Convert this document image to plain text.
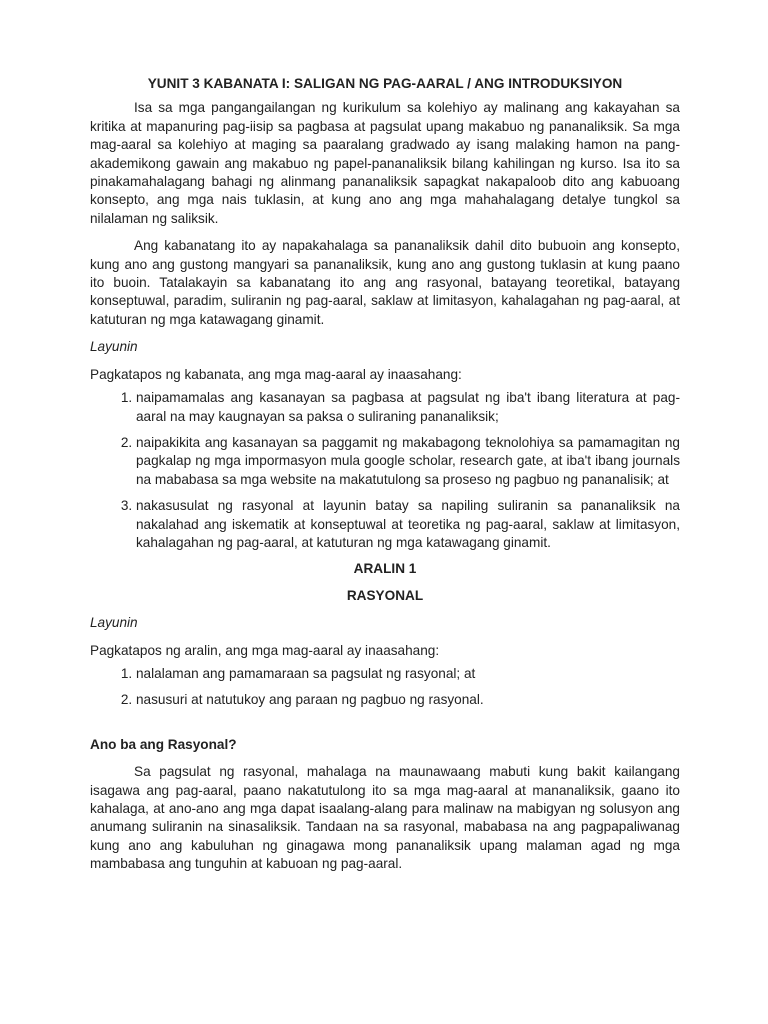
YUNIT 3 KABANATA I: SALIGAN NG PAG-AARAL / ANG INTRODUKSIYON

Isa sa mga pangangailangan ng kurikulum sa kolehiyo ay malinang ang kakayahan sa kritika at mapanuring pag-iisip sa pagbasa at pagsulat upang makabuo ng pananaliksik. Sa mga mag-aaral sa kolehiyo at maging sa paaralang gradwado ay isang malaking hamon na pang-akademikong gawain ang makabuo ng papel-pananaliksik bilang kahilingan ng kurso. Isa ito sa pinakamahalagang bahagi ng alinmang pananaliksik sapagkat nakapaloob dito ang kabuoang konsepto, ang mga nais tuklasin, at kung ano ang mga mahahalagang detalye tungkol sa nilalaman ng saliksik.

Ang kabanatang ito ay napakahalaga sa pananaliksik dahil dito bubuoin ang konsepto, kung ano ang gustong mangyari sa pananaliksik, kung ano ang gustong tuklasin at kung paano ito buoin. Tatalakayin sa kabanatang ito ang ang rasyonal, batayang teoretikal, batayang konseptuwal, paradim, suliranin ng pag-aaral, saklaw at limitasyon, kahalagahan ng pag-aaral, at katuturan ng mga katawagang ginamit.

Layunin

Pagkatapos ng kabanata, ang mga mag-aaral ay inaasahang:

1. naipamamalas ang kasanayan sa pagbasa at pagsulat ng iba't ibang literatura at pag-aaral na may kaugnayan sa paksa o suliraning pananaliksik;
2. naipakikita ang kasanayan sa paggamit ng makabagong teknolohiya sa pamamagitan ng pagkalap ng mga impormasyon mula google scholar, research gate, at iba't ibang journals na mababasa sa mga website na makatutulong sa proseso ng pagbuo ng pananalisik; at
3. nakasusulat ng rasyonal at layunin batay sa napiling suliranin sa pananaliksik na nakalahad ang iskematik at konseptuwal at teoretika ng pag-aaral, saklaw at limitasyon, kahalagahan ng pag-aaral, at katuturan ng mga katawagang ginamit.

ARALIN 1

RASYONAL

Layunin

Pagkatapos ng aralin, ang mga mag-aaral ay inaasahang:

1. nalalaman ang pamamaraan sa pagsulat ng rasyonal; at
2. nasusuri at natutukoy ang paraan ng pagbuo ng rasyonal.

Ano ba ang Rasyonal?

Sa pagsulat ng rasyonal, mahalaga na maunawaang mabuti kung bakit kailangang isagawa ang pag-aaral, paano nakatutulong ito sa mga mag-aaral at mananaliksik, gaano ito kahalaga, at ano-ano ang mga dapat isaalang-alang para malinaw na mabigyan ng solusyon ang anumang suliranin na sinasaliksik. Tandaan na sa rasyonal, mababasa na ang pagpapaliwanag kung ano ang kabuluhan ng ginagawa mong pananaliksik upang malaman agad ng mga mambabasa ang tunguhin at kabuoan ng pag-aaral.
